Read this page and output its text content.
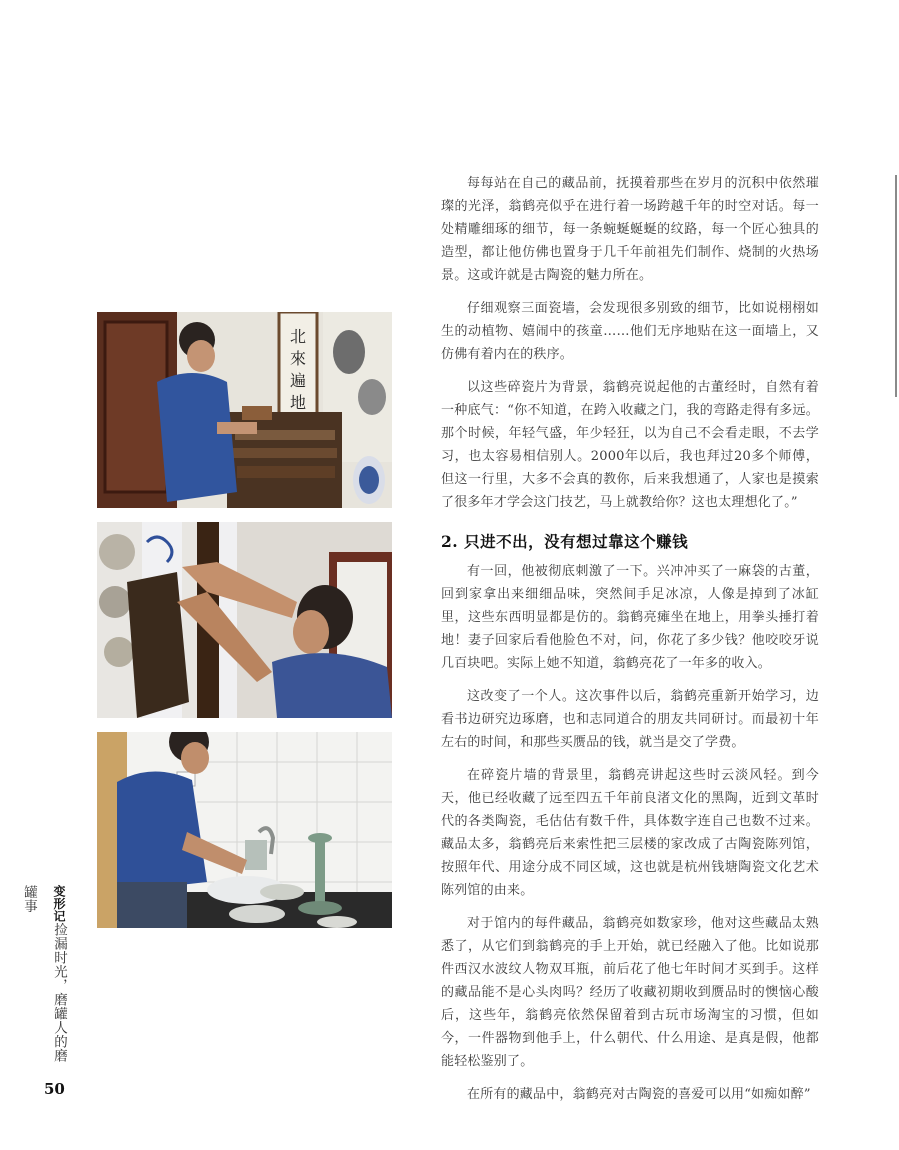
北
來
遍
地

每每站在自己的藏品前，抚摸着那些在岁月的沉积中依然璀璨的光泽，翁鹤亮似乎在进行着一场跨越千年的时空对话。每一处精雕细琢的细节，每一条蜿蜒蜒蜒的纹路，每一个匠心独具的造型，都让他仿佛也置身于几千年前祖先们制作、烧制的火热场景。这或许就是古陶瓷的魅力所在。

仔细观察三面瓷墙，会发现很多别致的细节，比如说栩栩如生的动植物、嬉闹中的孩童……他们无序地贴在这一面墙上，又仿佛有着内在的秩序。

以这些碎瓷片为背景，翁鹤亮说起他的古董经时，自然有着一种底气：“你不知道，在跨入收藏之门，我的弯路走得有多远。那个时候，年轻气盛，年少轻狂，以为自己不会看走眼，不去学习，也太容易相信别人。2000年以后，我也拜过20多个师傅，但这一行里，大多不会真的教你，后来我想通了，人家也是摸索了很多年才学会这门技艺，马上就教给你？这也太理想化了。”

2. 只进不出，没有想过靠这个赚钱

有一回，他被彻底刺激了一下。兴冲冲买了一麻袋的古董，回到家拿出来细细品味，突然间手足冰凉，人像是掉到了冰缸里，这些东西明显都是仿的。翁鹤亮瘫坐在地上，用拳头捶打着地！妻子回家后看他脸色不对，问，你花了多少钱？他咬咬牙说几百块吧。实际上她不知道，翁鹤亮花了一年多的收入。

这改变了一个人。这次事件以后，翁鹤亮重新开始学习，边看书边研究边琢磨，也和志同道合的朋友共同研讨。而最初十年左右的时间，和那些买赝品的钱，就当是交了学费。

在碎瓷片墙的背景里，翁鹤亮讲起这些时云淡风轻。到今天，他已经收藏了远至四五千年前良渚文化的黑陶，近到文革时代的各类陶瓷，毛估估有数千件，具体数字连自己也数不过来。藏品太多，翁鹤亮后来索性把三层楼的家改成了古陶瓷陈列馆，按照年代、用途分成不同区域，这也就是杭州钱塘陶瓷文化艺术陈列馆的由来。

对于馆内的每件藏品，翁鹤亮如数家珍，他对这些藏品太熟悉了，从它们到翁鹤亮的手上开始，就已经融入了他。比如说那件西汉水波纹人物双耳瓶，前后花了他七年时间才买到手。这样的藏品能不是心头肉吗？经历了收藏初期收到赝品时的懊恼心酸后，这些年，翁鹤亮依然保留着到古玩市场淘宝的习惯，但如今，一件器物到他手上，什么朝代、什么用途、是真是假，他都能轻松鉴别了。

在所有的藏品中，翁鹤亮对古陶瓷的喜爱可以用“如痴如醉”

变形记捡漏时光，磨罐人的磨罐事
50
